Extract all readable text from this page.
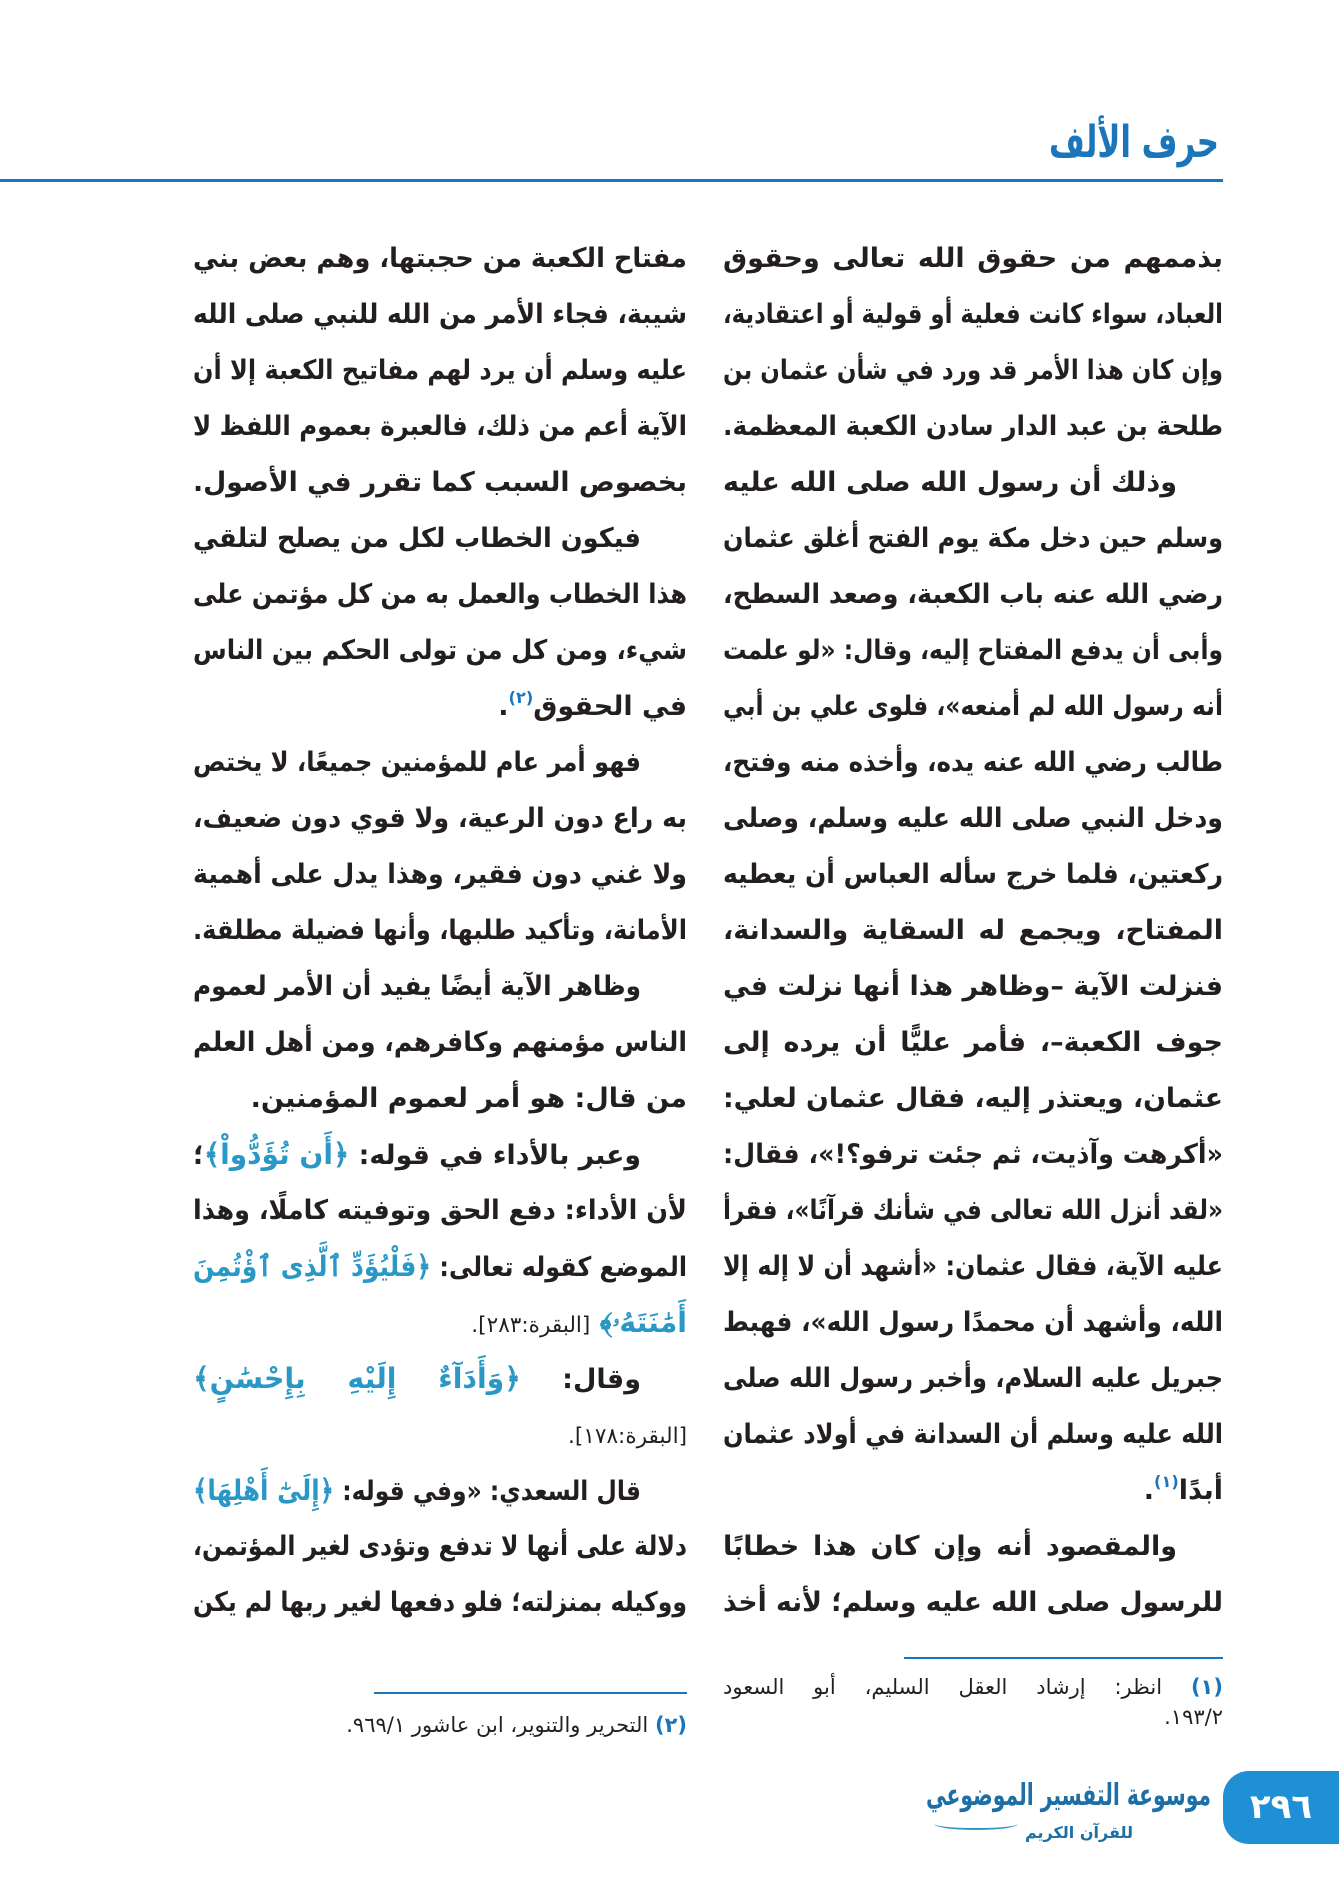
حرف الألف
بذممهم من حقوق الله تعالى وحقوق
العباد، سواء كانت فعلية أو قولية أو اعتقادية،
وإن كان هذا الأمر قد ورد في شأن عثمان بن
طلحة بن عبد الدار سادن الكعبة المعظمة.
وذلك أن رسول الله صلى الله عليه
وسلم حين دخل مكة يوم الفتح أغلق عثمان
رضي الله عنه باب الكعبة، وصعد السطح،
وأبى أن يدفع المفتاح إليه، وقال: «لو علمت
أنه رسول الله لم أمنعه»، فلوى علي بن أبي
طالب رضي الله عنه يده، وأخذه منه وفتح،
ودخل النبي صلى الله عليه وسلم، وصلى
ركعتين، فلما خرج سأله العباس أن يعطيه
المفتاح، ويجمع له السقاية والسدانة،
فنزلت الآية –وظاهر هذا أنها نزلت في
جوف الكعبة–، فأمر عليًّا أن يرده إلى
عثمان، ويعتذر إليه، فقال عثمان لعلي:
«أكرهت وآذيت، ثم جئت ترفو؟!»، فقال:
«لقد أنزل الله تعالى في شأنك قرآنًا»، فقرأ
عليه الآية، فقال عثمان: «أشهد أن لا إله إلا
الله، وأشهد أن محمدًا رسول الله»، فهبط
جبريل عليه السلام، وأخبر رسول الله صلى
الله عليه وسلم أن السدانة في أولاد عثمان
أبدًا$^{(١)}$.
والمقصود أنه وإن كان هذا خطابًا
للرسول صلى الله عليه وسلم؛ لأنه أخذ
مفتاح الكعبة من حجبتها، وهم بعض بني
شيبة، فجاء الأمر من الله للنبي صلى الله
عليه وسلم أن يرد لهم مفاتيح الكعبة إلا أن
الآية أعم من ذلك، فالعبرة بعموم اللفظ لا
بخصوص السبب كما تقرر في الأصول.
فيكون الخطاب لكل من يصلح لتلقي
هذا الخطاب والعمل به من كل مؤتمن على
شيء، ومن كل من تولى الحكم بين الناس
في الحقوق$^{(٢)}$.
فهو أمر عام للمؤمنين جميعًا، لا يختص
به راع دون الرعية، ولا قوي دون ضعيف،
ولا غني دون فقير، وهذا يدل على أهمية
الأمانة، وتأكيد طلبها، وأنها فضيلة مطلقة.
وظاهر الآية أيضًا يفيد أن الأمر لعموم
الناس مؤمنهم وكافرهم، ومن أهل العلم
من قال: هو أمر لعموم المؤمنين.
وعبر بالأداء في قوله: ﴿أَن تُؤَدُّواْ﴾؛
لأن الأداء: دفع الحق وتوفيته كاملًا، وهذا
الموضع كقوله تعالى: ﴿فَلْيُؤَدِّ ٱلَّذِى ٱؤْتُمِنَ
أَمَٰنَتَهُۥ﴾ [البقرة:٢٨٣].
وقال: ﴿وَأَدَآءٌ إِلَيْهِ بِإِحْسَٰنٍ﴾
[البقرة:١٧٨].
قال السعدي: «وفي قوله: ﴿إِلَىٰٓ أَهْلِهَا﴾
دلالة على أنها لا تدفع وتؤدى لغير المؤتمن،
ووكيله بمنزلته؛ فلو دفعها لغير ربها لم يكن
(١) انظر: إرشاد العقل السليم، أبو السعود
١٩٣/٢.
(٢) التحرير والتنوير، ابن عاشور ٩٦٩/١.
٢٩٦
موسوعة التفسير الموضوعي
للقرآن الكريم
